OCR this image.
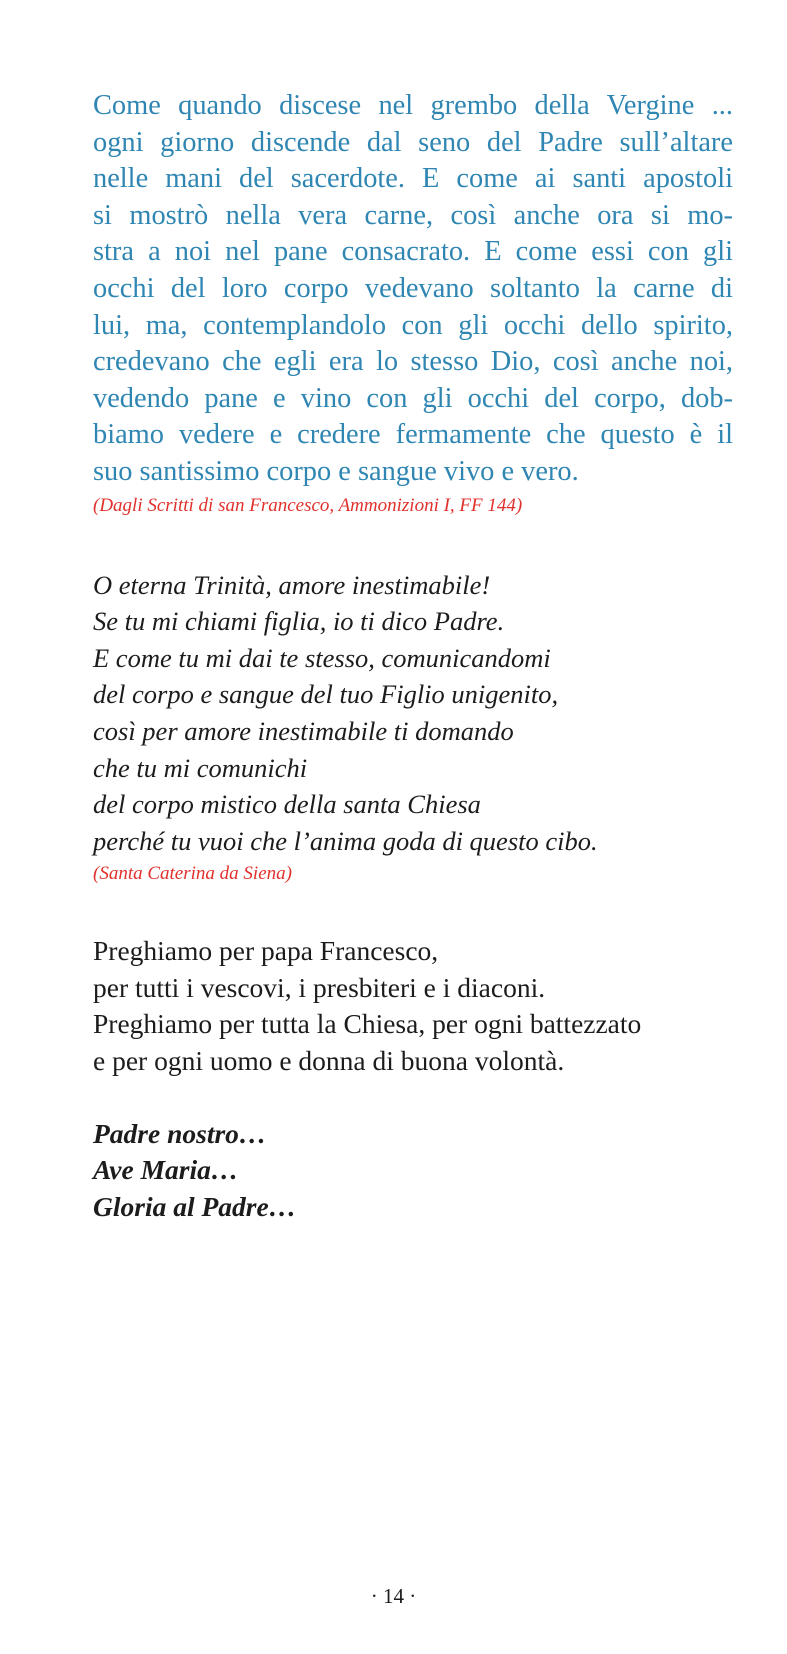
Come quando discese nel grembo della Vergine ...
ogni giorno discende dal seno del Padre sull’altare
nelle mani del sacerdote. E come ai santi apostoli
si mostrò nella vera carne, così anche ora si mo-
stra a noi nel pane consacrato. E come essi con gli
occhi del loro corpo vedevano soltanto la carne di
lui, ma, contemplandolo con gli occhi dello spirito,
credevano che egli era lo stesso Dio, così anche noi,
vedendo pane e vino con gli occhi del corpo, dob-
biamo vedere e credere fermamente che questo è il
suo santissimo corpo e sangue vivo e vero.

(Dagli Scritti di san Francesco, Ammonizioni I, FF 144)

O eterna Trinità, amore inestimabile!
Se tu mi chiami figlia, io ti dico Padre.
E come tu mi dai te stesso, comunicandomi
del corpo e sangue del tuo Figlio unigenito,
così per amore inestimabile ti domando
che tu mi comunichi
del corpo mistico della santa Chiesa
perché tu vuoi che l’anima goda di questo cibo.

(Santa Caterina da Siena)

Preghiamo per papa Francesco,
per tutti i vescovi, i presbiteri e i diaconi.
Preghiamo per tutta la Chiesa, per ogni battezzato
e per ogni uomo e donna di buona volontà.
Padre nostro…
Ave Maria…
Gloria al Padre…
· 14 ·
